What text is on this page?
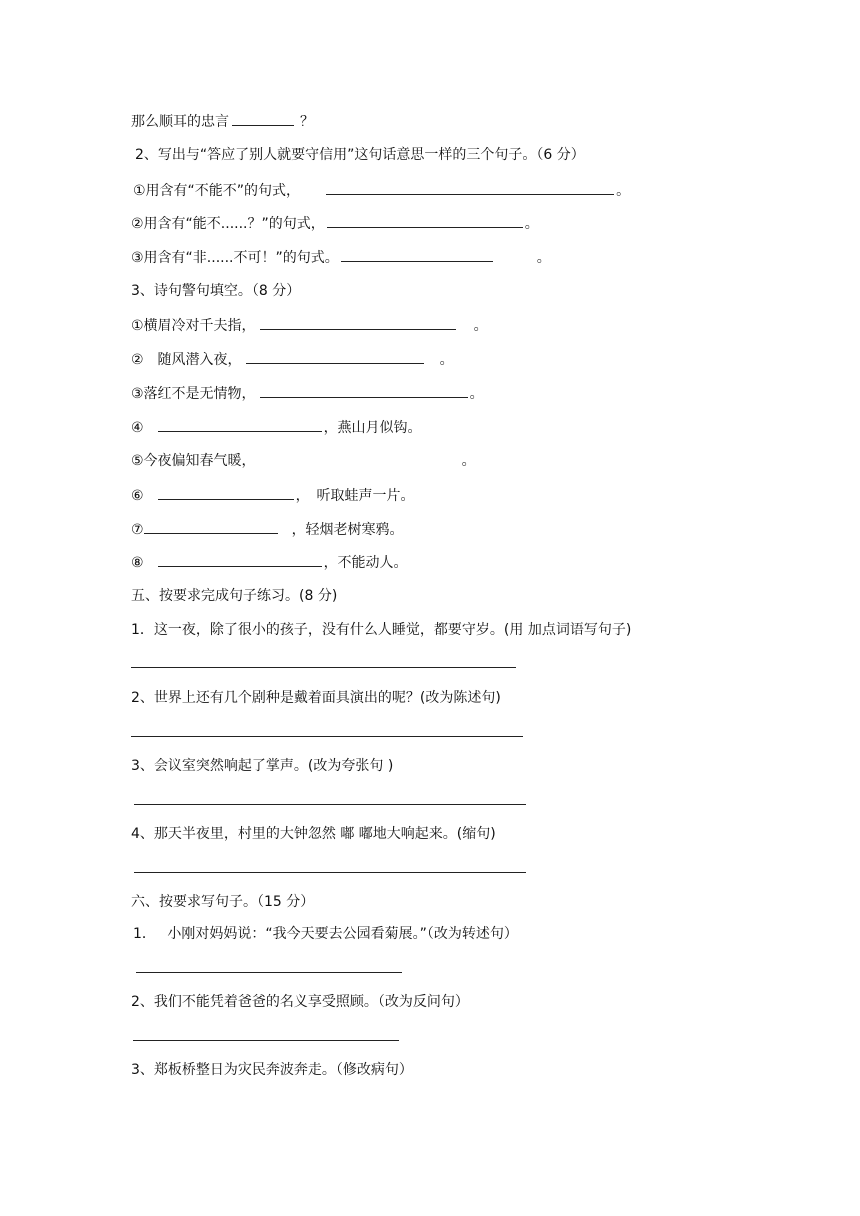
那么顺耳的忠言	？
2、写出与“答应了别人就要守信用”这句话意思一样的三个句子。（6 分）
①用含有“不能不”的句式，	。
②用含有“能不......？”的句式，	。
③用含有“非......不可！”的句式。	。
3、诗句警句填空。（8 分）
①横眉冷对千夫指，	。
②　随风潜入夜，	。
③落红不是无情物，	。
④	，燕山月似钩。
⑤今夜偏知春气暖，	。
⑥	，　听取蛙声一片。
⑦	，轻烟老树寒鸦。
⑧	，不能动人。
五、按要求完成句子练习。(8 分)
1．这一夜，除了很小的孩子，没有什么人睡觉，都要守岁。(用 加点词语写句子)
2、世界上还有几个剧种是戴着面具演出的呢？(改为陈述句)
3、会议室突然响起了掌声。(改为夸张句 )
4、那天半夜里，村里的大钟忽然 嘟 嘟地大响起来。(缩句)
六、按要求写句子。（15 分）
1．　 小刚对妈妈说：“我今天要去公园看菊展。”（改为转述句）
2、我们不能凭着爸爸的名义享受照顾。（改为反问句）
3、郑板桥整日为灾民奔波奔走。（修改病句）
